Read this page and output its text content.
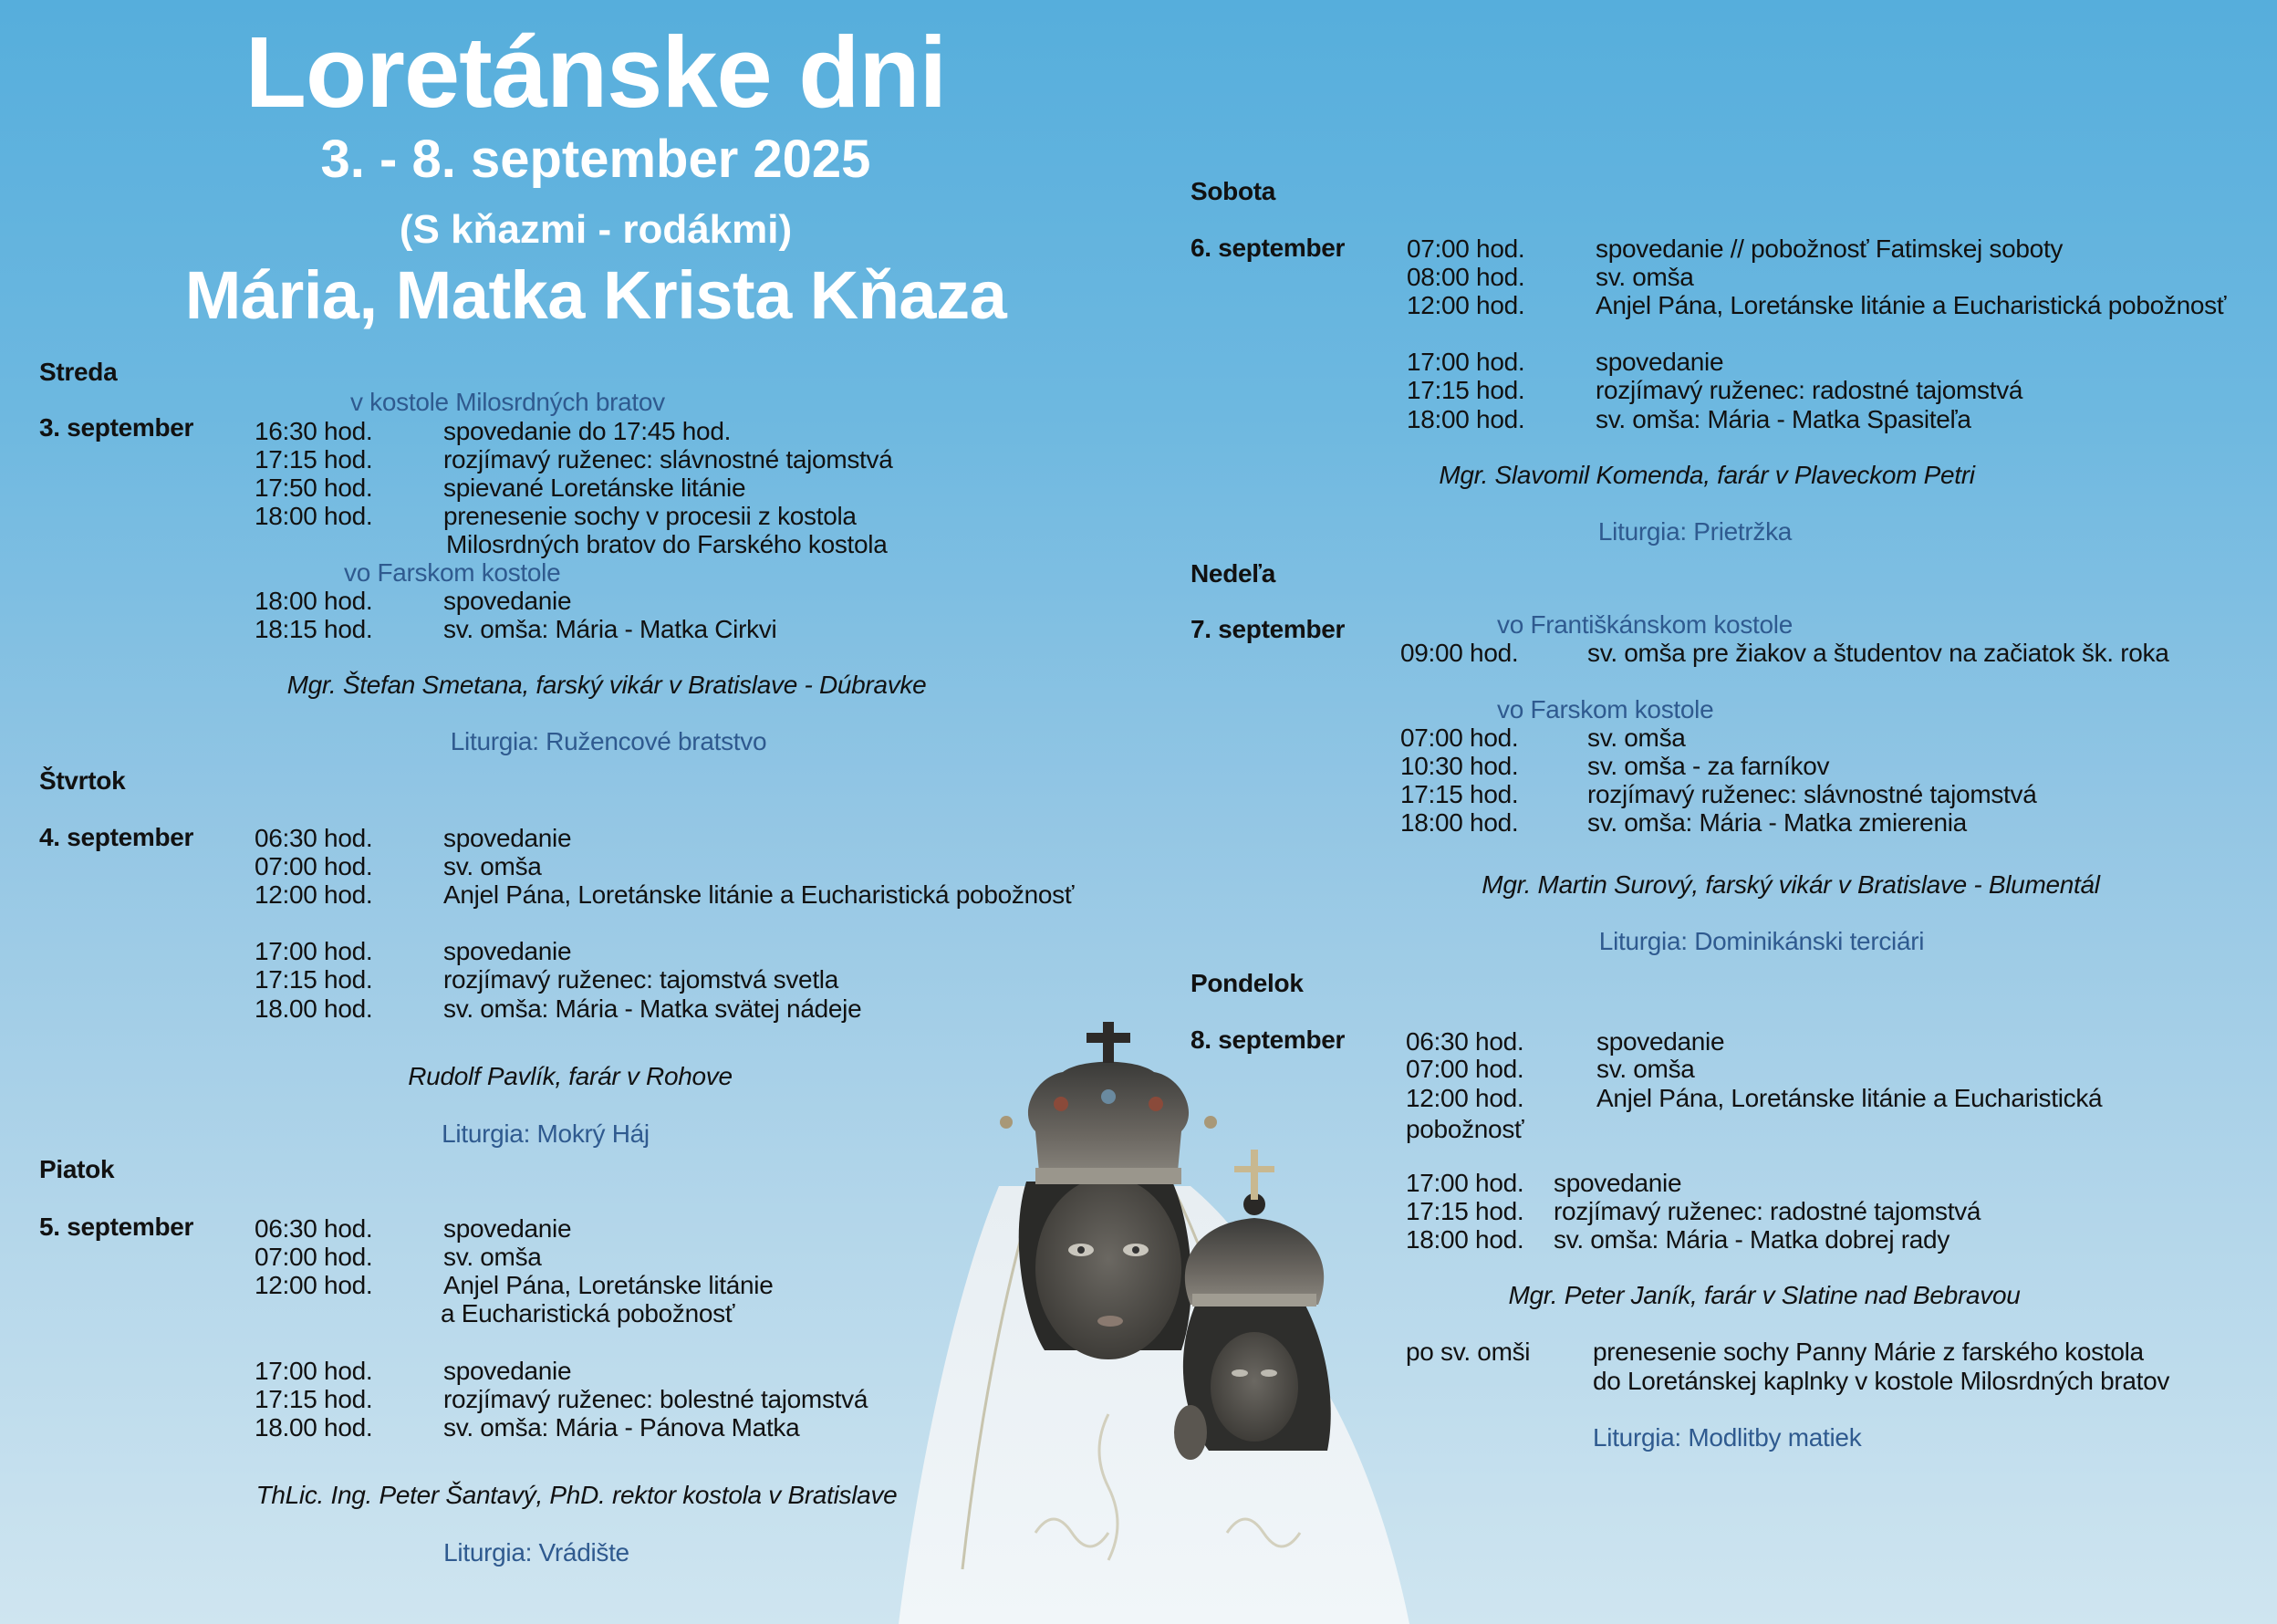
Loretánske dni
3. - 8. september 2025
(S kňazmi - rodákmi)
Mária, Matka Krista Kňaza
Streda
v kostole Milosrdných bratov
3. september 16:30 hod.	spovedanie do 17:45 hod.
17:15 hod.	rozjímavý ruženec: slávnostné tajomstvá
17:50 hod.	spievané Loretánske litánie
18:00 hod.	prenesenie sochy v procesii z kostola
Milosrdných bratov do Farského kostola
vo Farskom kostole
18:00 hod.	spovedanie
18:15 hod.	sv. omša: Mária - Matka Cirkvi
Mgr. Štefan Smetana, farský vikár v Bratislave - Dúbravke
Liturgia: Ružencové bratstvo
Štvrtok
4. september 06:30 hod.	spovedanie
07:00 hod.	sv. omša
12:00 hod.	Anjel Pána, Loretánske litánie a Eucharistická pobožnosť
17:00 hod.	spovedanie
17:15 hod.	rozjímavý ruženec: tajomstvá svetla
18.00 hod.	sv. omša: Mária - Matka svätej nádeje
Rudolf Pavlík, farár v Rohove
Liturgia: Mokrý Háj
Piatok
5. september 06:30 hod.	spovedanie
07:00 hod.	sv. omša
12:00 hod.	Anjel Pána, Loretánske litánie
a Eucharistická pobožnosť
17:00 hod.	spovedanie
17:15 hod.	rozjímavý ruženec: bolestné tajomstvá
18.00 hod.	sv. omša: Mária - Pánova Matka
ThLic. Ing. Peter Šantavý, PhD. rektor kostola v Bratislave
Liturgia: Vrádište
Sobota
6. september 07:00 hod.	spovedanie // pobožnosť Fatimskej soboty
08:00 hod.	sv. omša
12:00 hod.	Anjel Pána, Loretánske litánie a Eucharistická pobožnosť
17:00 hod.	spovedanie
17:15 hod.	rozjímavý ruženec: radostné tajomstvá
18:00 hod.	sv. omša: Mária - Matka Spasiteľa
Mgr. Slavomil Komenda, farár v Plaveckom Petri
Liturgia: Prietržka
Nedeľa
7. september	vo Františkánskom kostole
09:00 hod.	sv. omša pre žiakov a študentov na začiatok šk. roka
vo Farskom kostole
07:00 hod.	sv. omša
10:30 hod.	sv. omša - za farníkov
17:15 hod.	rozjímavý ruženec: slávnostné tajomstvá
18:00 hod.	sv. omša: Mária - Matka zmierenia
Mgr. Martin Surový, farský vikár v Bratislave - Blumentál
Liturgia: Dominikánski terciári
Pondelok
8. september 06:30 hod.	spovedanie
07:00 hod.	sv. omša
12:00 hod.	Anjel Pána, Loretánske litánie a Eucharistická
pobožnosť
17:00 hod. spovedanie
17:15 hod. rozjímavý ruženec: radostné tajomstvá
18:00 hod. sv. omša: Mária - Matka dobrej rady
Mgr. Peter Janík, farár v Slatine nad Bebravou
po sv. omši prenesenie sochy Panny Márie z farského kostola
do Loretánskej kaplnky v kostole Milosrdných bratov
Liturgia: Modlitby matiek
